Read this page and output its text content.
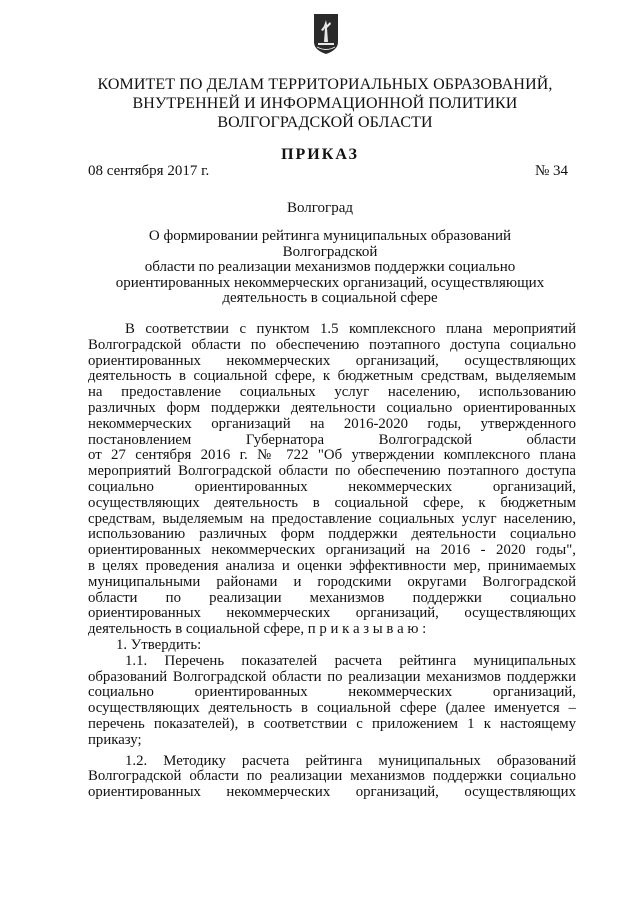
КОМИТЕТ ПО ДЕЛАМ ТЕРРИТОРИАЛЬНЫХ ОБРАЗОВАНИЙ,
ВНУТРЕННЕЙ И ИНФОРМАЦИОННОЙ ПОЛИТИКИ
ВОЛГОГРАДСКОЙ ОБЛАСТИ
ПРИКАЗ
08 сентября 2017 г.	№ 34
Волгоград
О формировании рейтинга муниципальных образований Волгоградской
области по реализации механизмов поддержки социально
ориентированных некоммерческих организаций, осуществляющих
деятельность в социальной сфере
В соответствии с пунктом 1.5 комплексного плана мероприятий
Волгоградской области по обеспечению поэтапного доступа социально
ориентированных некоммерческих организаций, осуществляющих
деятельность в социальной сфере, к бюджетным средствам, выделяемым
на предоставление социальных услуг населению, использованию
различных форм поддержки деятельности социально ориентированных
некоммерческих организаций на 2016-2020 годы, утвержденного
постановлением Губернатора Волгоградской области
от 27 сентября 2016 г. № 722 "Об утверждении комплексного плана
мероприятий Волгоградской области по обеспечению поэтапного доступа
социально ориентированных некоммерческих организаций,
осуществляющих деятельность в социальной сфере, к бюджетным
средствам, выделяемым на предоставление социальных услуг населению,
использованию различных форм поддержки деятельности социально
ориентированных некоммерческих организаций на 2016 - 2020 годы",
в целях проведения анализа и оценки эффективности мер, принимаемых
муниципальными районами и городскими округами Волгоградской
области по реализации механизмов поддержки социально
ориентированных некоммерческих организаций, осуществляющих
деятельность в социальной сфере, п р и к а з ы в а ю :
1. Утвердить:
1.1. Перечень показателей расчета рейтинга муниципальных
образований Волгоградской области по реализации механизмов поддержки
социально ориентированных некоммерческих организаций,
осуществляющих деятельность в социальной сфере (далее именуется –
перечень показателей), в соответствии с приложением 1 к настоящему
приказу;
1.2. Методику расчета рейтинга муниципальных образований
Волгоградской области по реализации механизмов поддержки социально
ориентированных некоммерческих организаций, осуществляющих
